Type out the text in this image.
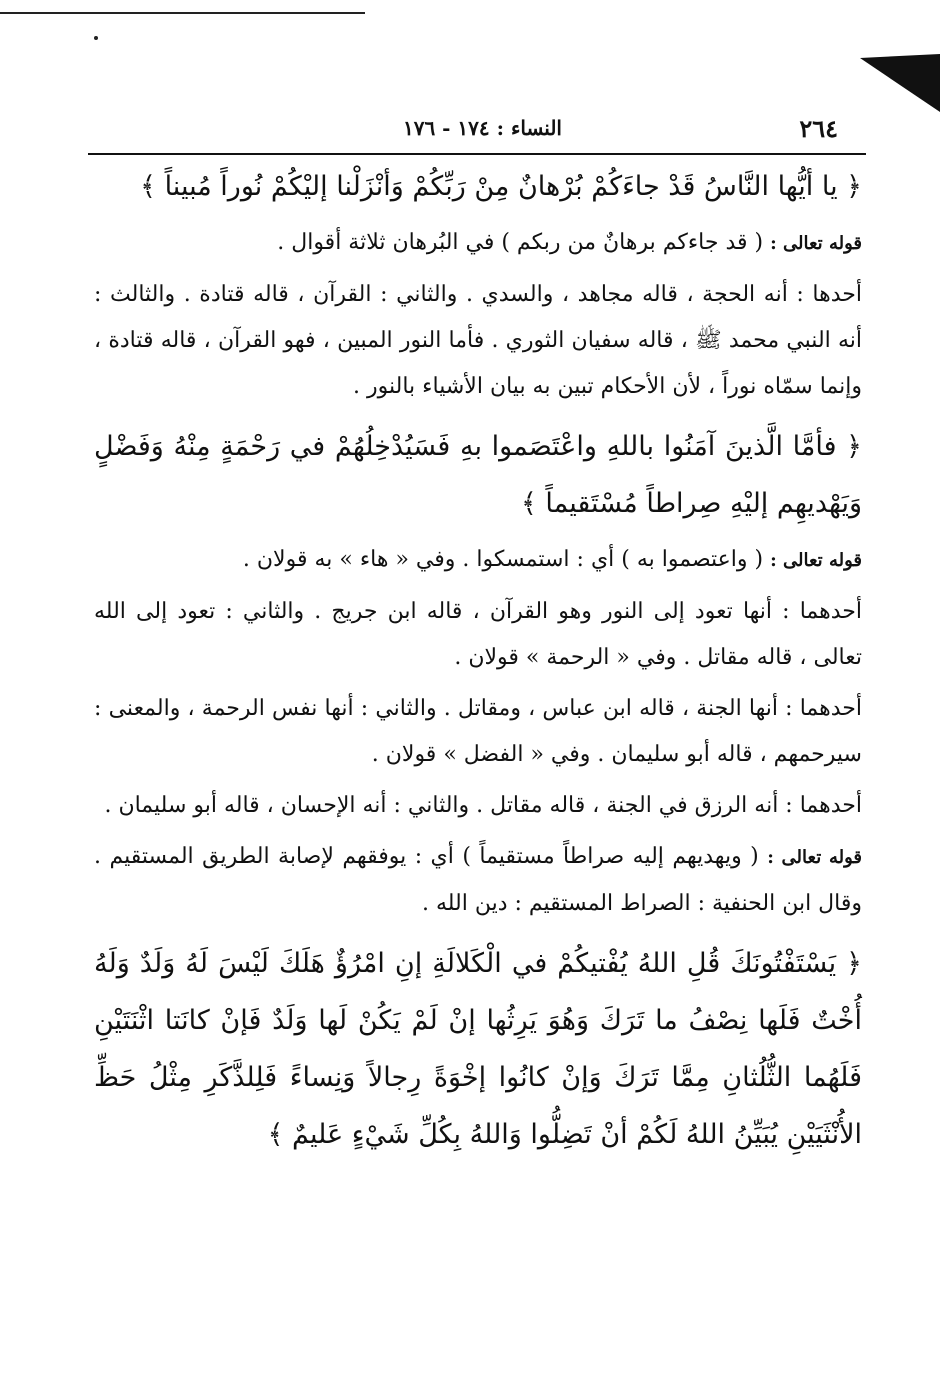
٢٦٤
النساء : ١٧٤ - ١٧٦

﴿ يا أيُّها النَّاسُ قَدْ جاءَكُمْ بُرْهانٌ مِنْ رَبِّكُمْ وَأنْزَلْنا إليْكُمْ نُوراً مُبيناً ﴾

قوله تعالى : ( قد جاءكم برهانٌ من ربكم ) في البُرهان ثلاثة أقوال .

أحدها : أنه الحجة ، قاله مجاهد ، والسدي . والثاني : القرآن ، قاله قتادة . والثالث : أنه النبي محمد ﷺ ، قاله سفيان الثوري . فأما النور المبين ، فهو القرآن ، قاله قتادة ، وإنما سمّاه نوراً ، لأن الأحكام تبين به بيان الأشياء بالنور .

﴿ فأمَّا الَّذينَ آمَنُوا باللهِ واعْتَصَموا بهِ فَسَيُدْخِلُهُمْ في رَحْمَةٍ مِنْهُ وَفَضْلٍ وَيَهْديهِم إليْهِ صِراطاً مُسْتَقيماً ﴾

قوله تعالى : ( واعتصموا به ) أي : استمسكوا . وفي « هاء » به قولان .

أحدهما : أنها تعود إلى النور وهو القرآن ، قاله ابن جريج . والثاني : تعود إلى الله تعالى ، قاله مقاتل . وفي « الرحمة » قولان .

أحدهما : أنها الجنة ، قاله ابن عباس ، ومقاتل . والثاني : أنها نفس الرحمة ، والمعنى : سيرحمهم ، قاله أبو سليمان . وفي « الفضل » قولان .

أحدهما : أنه الرزق في الجنة ، قاله مقاتل . والثاني : أنه الإحسان ، قاله أبو سليمان .

قوله تعالى : ( ويهديهم إليه صراطاً مستقيماً ) أي : يوفقهم لإصابة الطريق المستقيم . وقال ابن الحنفية : الصراط المستقيم : دين الله .

﴿ يَسْتَفْتُونَكَ قُلِ اللهُ يُفْتيكُمْ في الْكَلالَةِ إنِ امْرُؤٌ هَلَكَ لَيْسَ لَهُ وَلَدٌ وَلَهُ أُخْتٌ فَلَها نِصْفُ ما تَرَكَ وَهُوَ يَرِثُها إنْ لَمْ يَكُنْ لَها وَلَدٌ فَإنْ كانَتا اثْنَتَيْنِ فَلَهُما الثُّلُثانِ مِمَّا تَرَكَ وَإنْ كانُوا إخْوَةً رِجالاً وَنِساءً فَلِلذَّكَرِ مِثْلُ حَظِّ الأُنْثَيَيْنِ يُبَيِّنُ اللهُ لَكُمْ أنْ تَضِلُّوا وَاللهُ بِكُلِّ شَيْءٍ عَليمٌ ﴾
